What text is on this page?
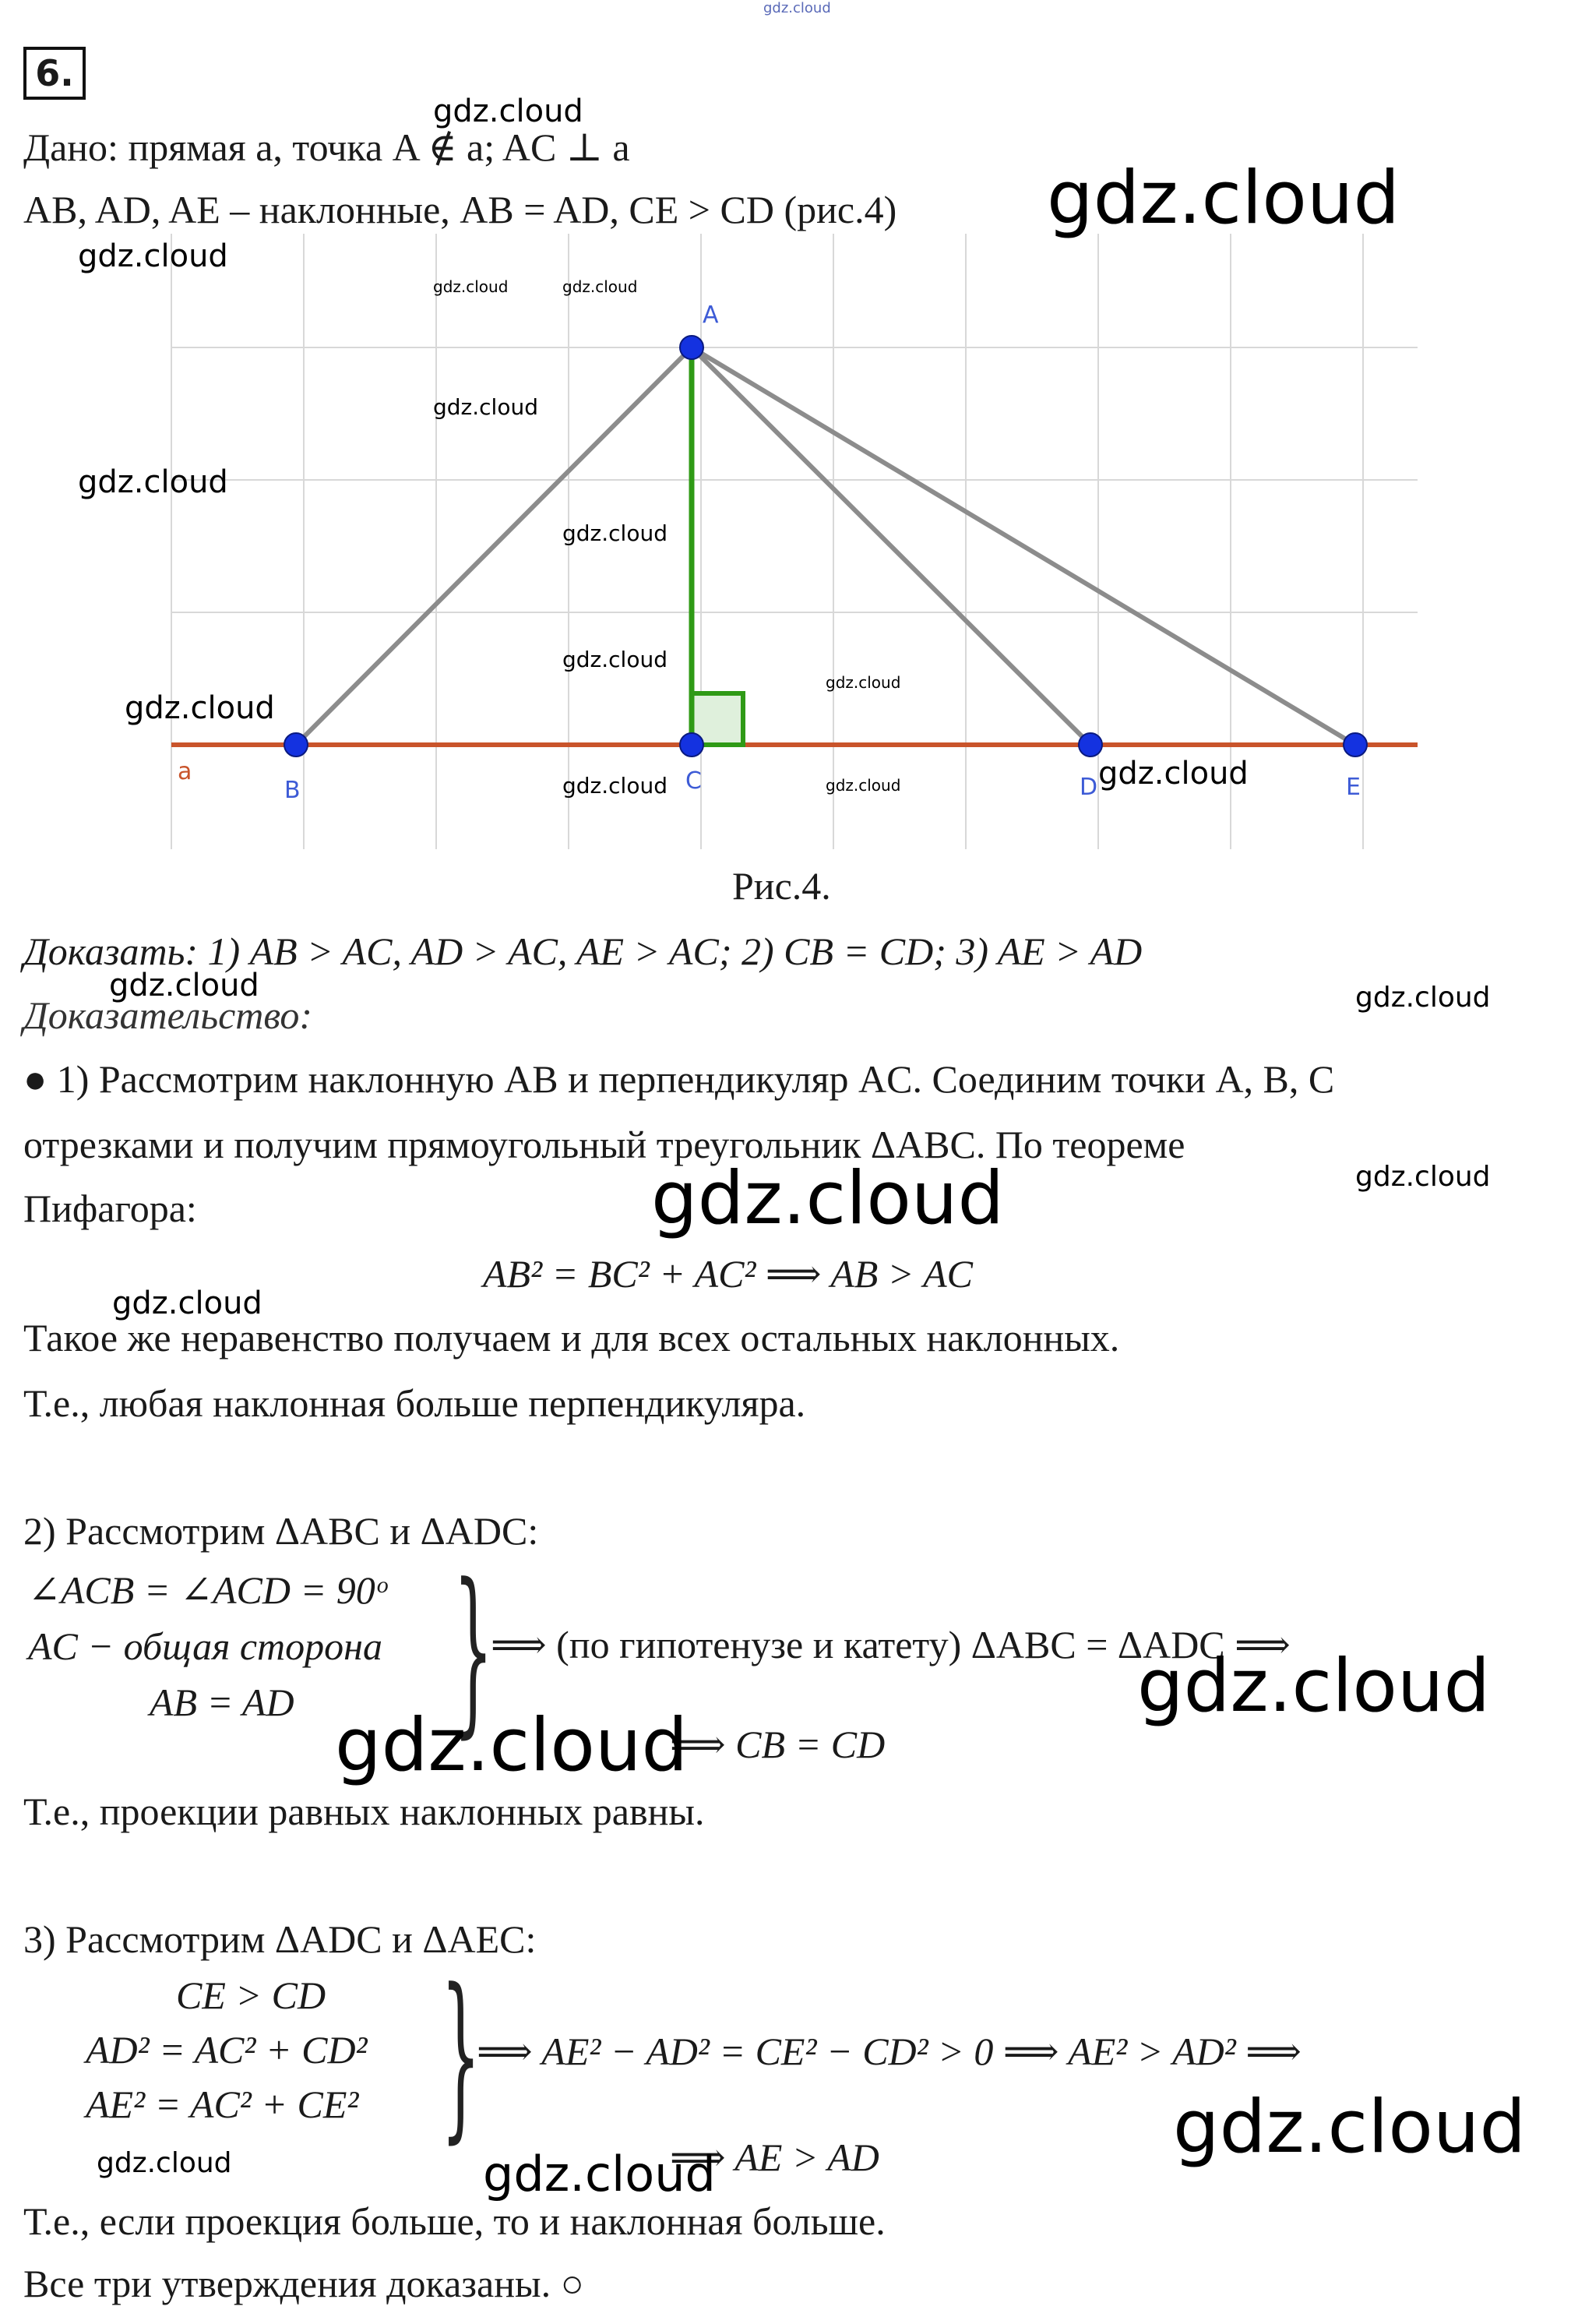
gdz.cloud
6.
Дано: прямая a, точка A ∉ a; AC ⊥ a
AB, AD, AE – наклонные, AB = AD, CE > CD (рис.4)
A
B	C	D	E
a
Рис.4.
Доказать: 1) AB > AC, AD > AC, AE > AC; 2) CB = CD; 3) AE > AD
Доказательство:
● 1) Рассмотрим наклонную AB и перпендикуляр AC. Соединим точки A, B, C
отрезками и получим прямоугольный треугольник ΔABC. По теореме
Пифагора:
AB² = BC² + AC² ⟹ AB > AC
Такое же неравенство получаем и для всех остальных наклонных.
Т.е., любая наклонная больше перпендикуляра.
2) Рассмотрим ΔABC и ΔADC:
∠ACB = ∠ACD = 90ᵒ
AC − общая сторона
AB = AD }
⟹ (по гипотенузе и катету) ΔABC = ΔADC ⟹
⟹ CB = CD
Т.е., проекции равных наклонных равны.
3) Рассмотрим ΔADC и ΔAEC:
CE > CD
AD² = AC² + CD²
AE² = AC² + CE² }
⟹ AE² − AD² = CE² − CD² > 0 ⟹ AE² > AD² ⟹
⟹ AE > AD
Т.е., если проекция больше, то и наклонная больше.
Все три утверждения доказаны. ○
gdz.cloud
gdz.cloud
gdz.cloud
gdz.cloud	gdz.cloud
gdz.cloud
gdz.cloud
gdz.cloud
gdz.cloud
gdz.cloud
gdz.cloud
gdz.cloud	gdz.cloud	gdz.cloud
gdz.cloud	gdz.cloud
gdz.cloud	gdz.cloud
gdz.cloud
gdz.cloud
gdz.cloud
gdz.cloud
gdz.cloud	gdz.cloud
